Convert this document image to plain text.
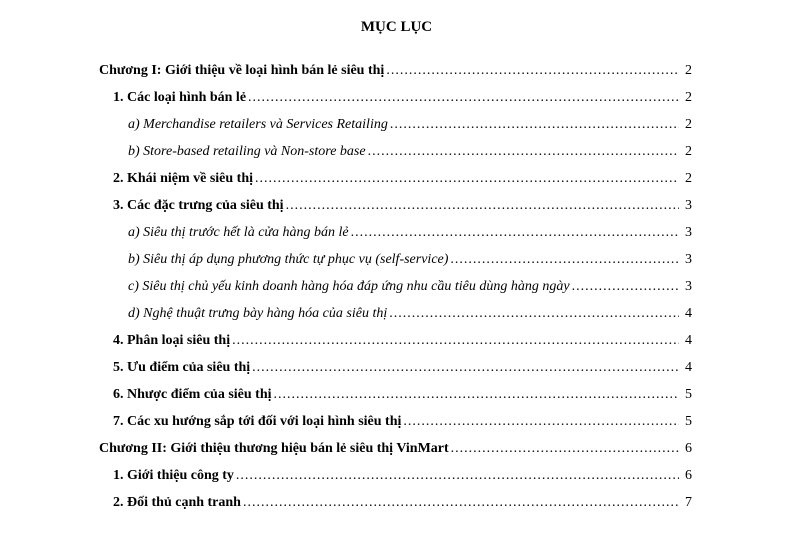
MỤC LỤC
Chương I: Giới thiệu về loại hình bán lẻ siêu thị .....	2
1. Các loại hình bán lẻ .....	2
a) Merchandise retailers và Services Retailing .....	2
b) Store-based retailing và Non-store base .....	2
2. Khái niệm về siêu thị .....	2
3. Các đặc trưng của siêu thị .....	3
a) Siêu thị trước hết là cửa hàng bán lẻ .....	3
b) Siêu thị áp dụng phương thức tự phục vụ (self-service) .....	3
c) Siêu thị chủ yếu kinh doanh hàng hóa đáp ứng nhu cầu tiêu dùng hàng ngày .....	3
d) Nghệ thuật trưng bày hàng hóa của siêu thị .....	4
4. Phân loại siêu thị .....	4
5. Ưu điểm của siêu thị .....	4
6. Nhược điểm của siêu thị .....	5
7. Các xu hướng sắp tới đối với loại hình siêu thị .....	5
Chương II: Giới thiệu thương hiệu bán lẻ siêu thị VinMart .....	6
1. Giới thiệu công ty .....	6
2. Đối thủ cạnh tranh .....	7
